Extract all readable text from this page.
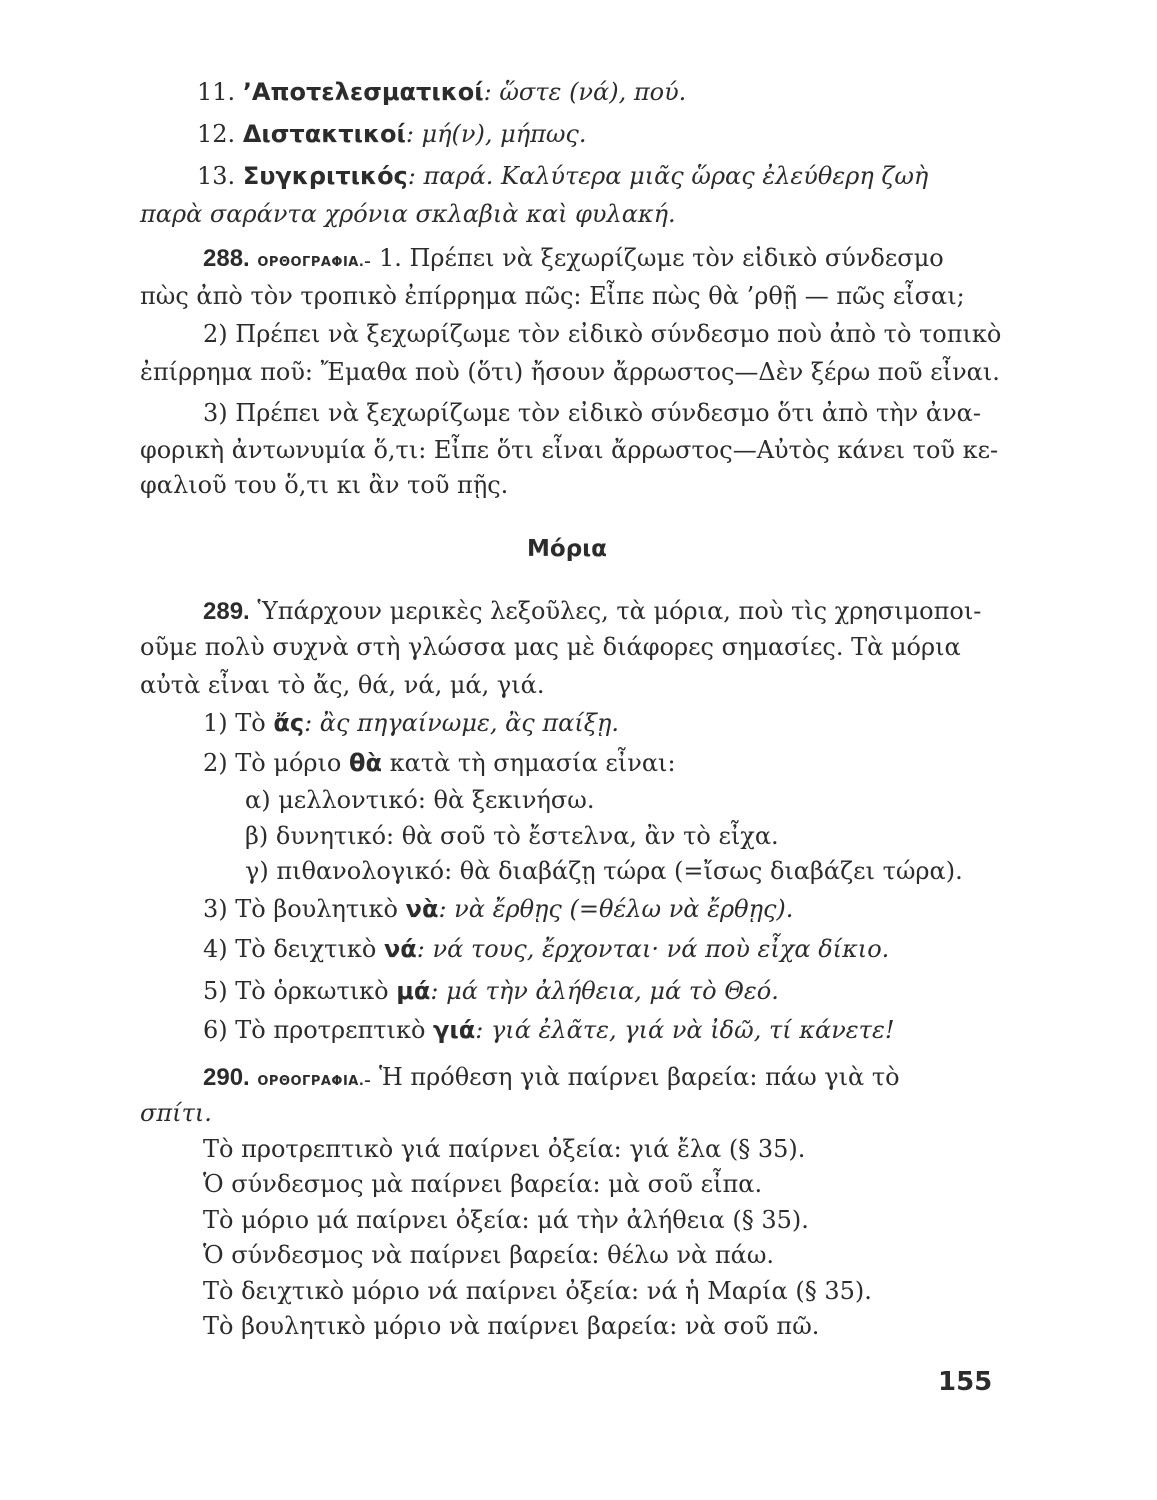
11. ’Αποτελεσματικοί: ὥστε (νά), πού.
12. Διστακτικοί: μή(ν), μήπως.
13. Συγκριτικός: παρά. Καλύτερα μιᾶς ὥρας ἐλεύθερη ζωὴ
παρὰ σαράντα χρόνια σκλαβιὰ καὶ φυλακή.
288. ΟΡΘΟΓΡΑΦΙΑ.– 1. Πρέπει νὰ ξεχωρίζωμε τὸν εἰδικὸ σύνδεσμο
πὼς ἀπὸ τὸν τροπικὸ ἐπίρρημα πῶς: Εἶπε πὼς θὰ ’ρθῇ — πῶς εἶσαι;
2) Πρέπει νὰ ξεχωρίζωμε τὸν εἰδικὸ σύνδεσμο ποὺ ἀπὸ τὸ τοπικὸ
ἐπίρρημα ποῦ: Ἔμαθα ποὺ (ὅτι) ἤσουν ἄρρωστος—Δὲν ξέρω ποῦ εἶναι.
3) Πρέπει νὰ ξεχωρίζωμε τὸν εἰδικὸ σύνδεσμο ὅτι ἀπὸ τὴν ἀνα-
φορικὴ ἀντωνυμία ὅ,τι: Εἶπε ὅτι εἶναι ἄρρωστος—Αὐτὸς κάνει τοῦ κε-
φαλιοῦ του ὅ,τι κι ἂν τοῦ πῇς.
Μόρια
289. Ὑπάρχουν μερικὲς λεξοῦλες, τὰ μόρια, ποὺ τὶς χρησιμοποι-
οῦμε πολὺ συχνὰ στὴ γλώσσα μας μὲ διάφορες σημασίες. Τὰ μόρια
αὐτὰ εἶναι τὸ ἄς, θά, νά, μά, γιά.
1) Τὸ ἄς: ἂς πηγαίνωμε, ἂς παίξῃ.
2) Τὸ μόριο θὰ κατὰ τὴ σημασία εἶναι:
α) μελλοντικό: θὰ ξεκινήσω.
β) δυνητικό: θὰ σοῦ τὸ ἔστελνα, ἂν τὸ εἶχα.
γ) πιθανολογικό: θὰ διαβάζῃ τώρα (=ἴσως διαβάζει τώρα).
3) Τὸ βουλητικὸ νὰ: νὰ ἔρθῃς (=θέλω νὰ ἔρθῃς).
4) Τὸ δειχτικὸ νά: νά τους, ἔρχονται· νά ποὺ εἶχα δίκιο.
5) Τὸ ὁρκωτικὸ μά: μά τὴν ἀλήθεια, μά τὸ Θεό.
6) Τὸ προτρεπτικὸ γιά: γιά ἐλᾶτε, γιά νὰ ἰδῶ, τί κάνετε!
290. ΟΡΘΟΓΡΑΦΙΑ.– Ἡ πρόθεση γιὰ παίρνει βαρεία: πάω γιὰ τὸ
σπίτι.
Τὸ προτρεπτικὸ γιά παίρνει ὀξεία: γιά ἔλα (§ 35).
Ὁ σύνδεσμος μὰ παίρνει βαρεία: μὰ σοῦ εἶπα.
Τὸ μόριο μά παίρνει ὀξεία: μά τὴν ἀλήθεια (§ 35).
Ὁ σύνδεσμος νὰ παίρνει βαρεία: θέλω νὰ πάω.
Τὸ δειχτικὸ μόριο νά παίρνει ὀξεία: νά ἡ Μαρία (§ 35).
Τὸ βουλητικὸ μόριο νὰ παίρνει βαρεία: νὰ σοῦ πῶ.
155
